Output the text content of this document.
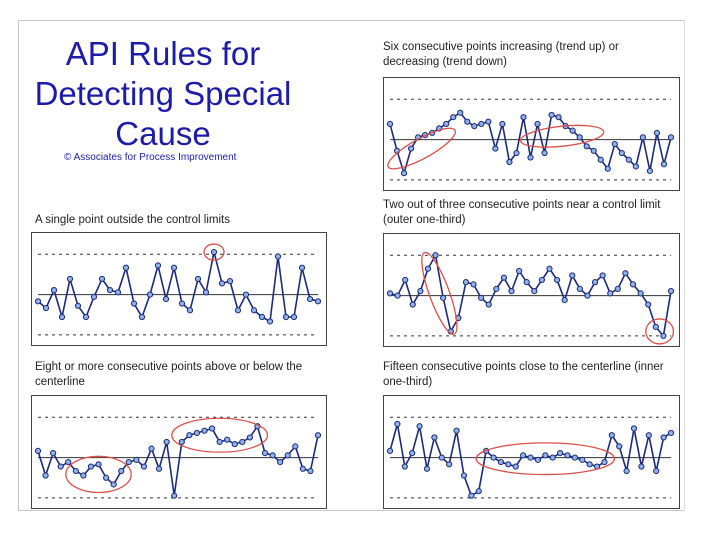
API Rules for Detecting Special Cause
© Associates for Process Improvement
Six consecutive points increasing (trend up) or decreasing (trend down)
A single point outside the control limits
Two out of three consecutive points near a control limit (outer one-third)
Eight or more consecutive points above or below the centerline
Fifteen consecutive points close to the centerline (inner one-third)
